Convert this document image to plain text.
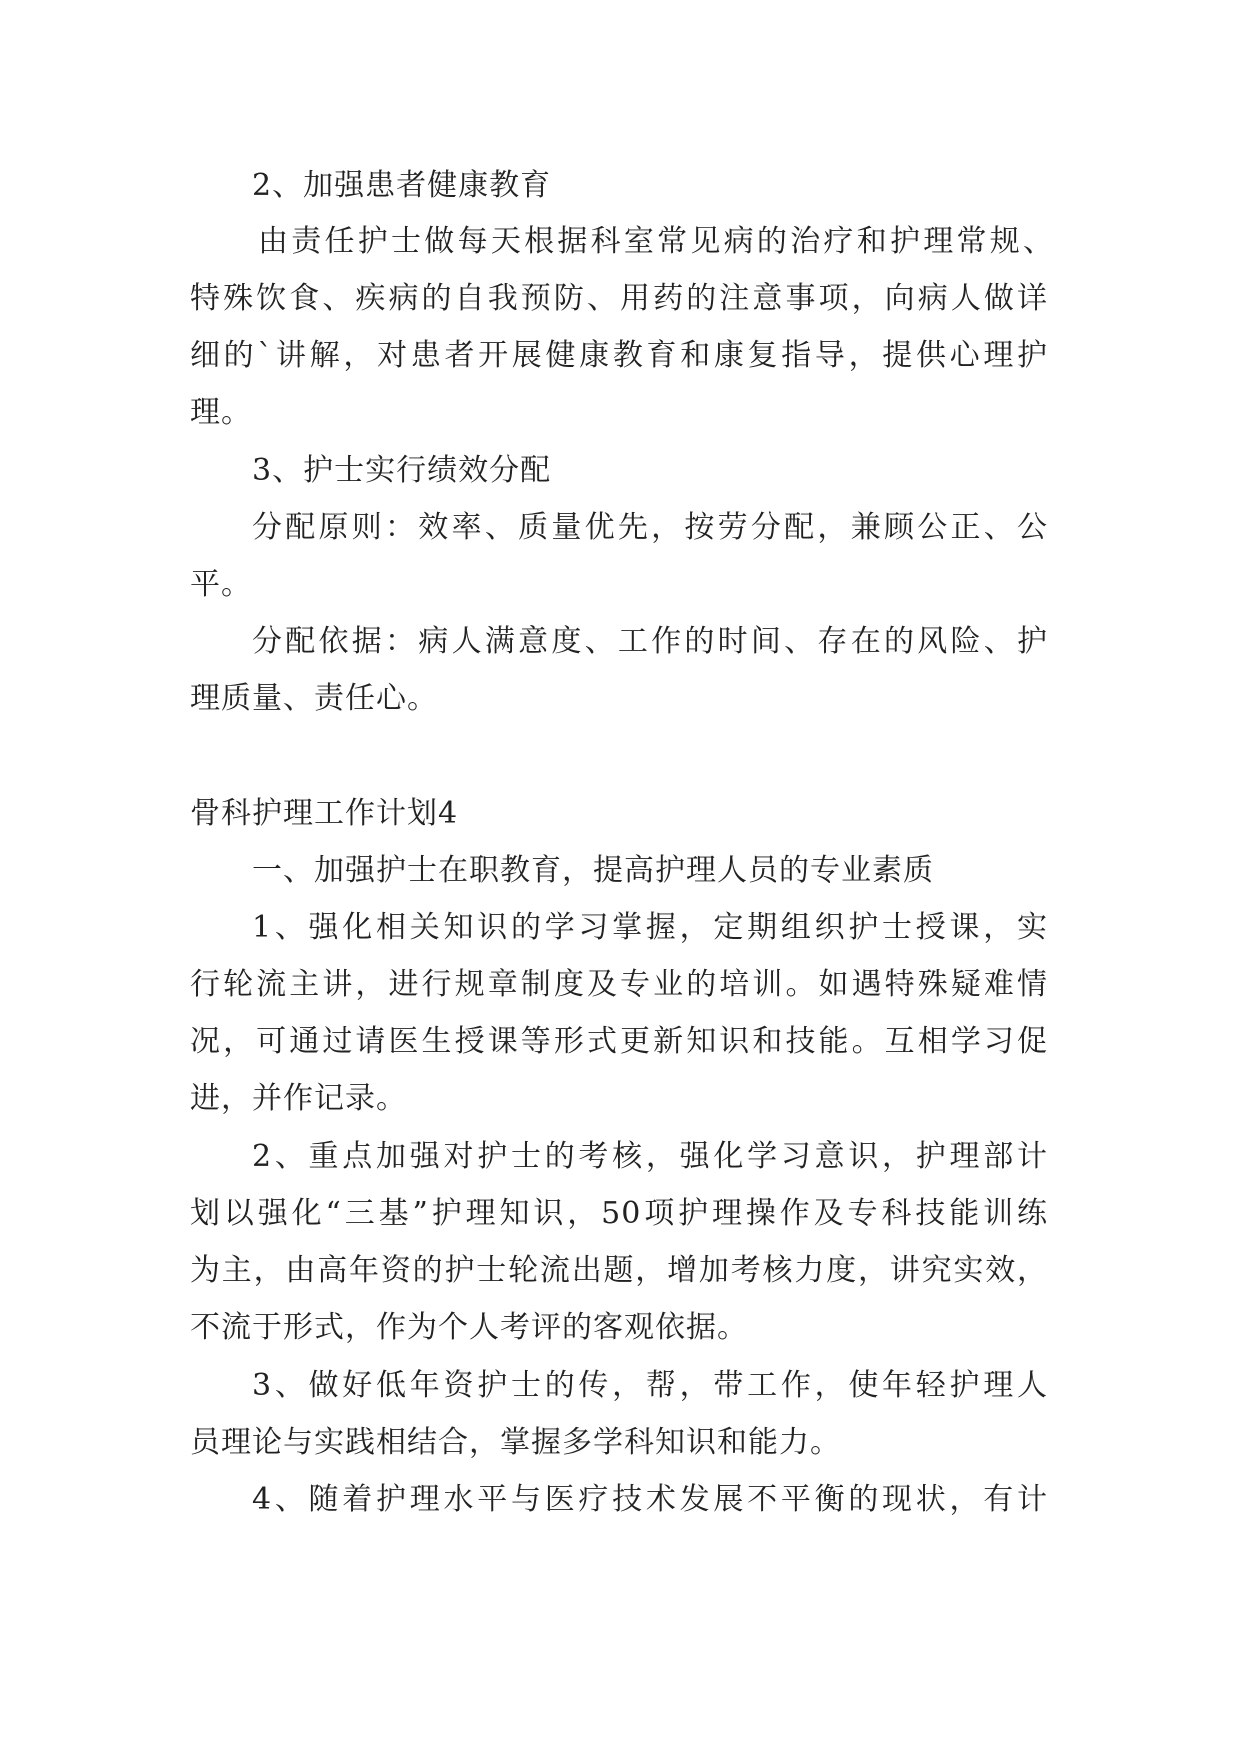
2、加强患者健康教育
由责任护士做每天根据科室常见病的治疗和护理常规、
特殊饮食、疾病的自我预防、用药的注意事项，向病人做详
细的`讲解，对患者开展健康教育和康复指导，提供心理护
理。
3、护士实行绩效分配
分配原则：效率、质量优先，按劳分配，兼顾公正、公
平。
分配依据：病人满意度、工作的时间、存在的风险、护
理质量、责任心。
骨科护理工作计划4
一、加强护士在职教育，提高护理人员的专业素质
1、强化相关知识的学习掌握，定期组织护士授课，实
行轮流主讲，进行规章制度及专业的培训。如遇特殊疑难情
况，可通过请医生授课等形式更新知识和技能。互相学习促
进，并作记录。
2、重点加强对护士的考核，强化学习意识，护理部计
划以强化“三基”护理知识，50项护理操作及专科技能训练
为主，由高年资的护士轮流出题，增加考核力度，讲究实效，
不流于形式，作为个人考评的客观依据。
3、做好低年资护士的传，帮，带工作，使年轻护理人
员理论与实践相结合，掌握多学科知识和能力。
4、随着护理水平与医疗技术发展不平衡的现状，有计
